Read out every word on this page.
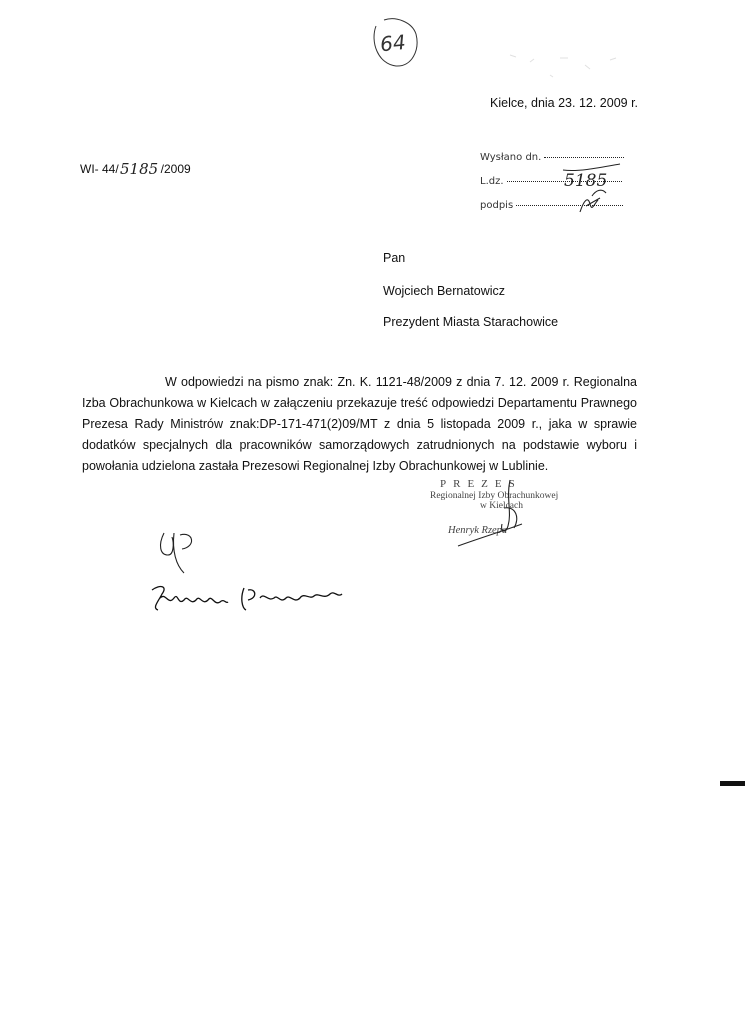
64
Kielce, dnia 23. 12. 2009 r.
WI- 44/ 5185 /2009
Wysłano dn.
L.dz.
podpis
5185
Pan
Wojciech Bernatowicz
Prezydent Miasta Starachowice
W odpowiedzi na pismo znak: Zn. K. 1121-48/2009 z dnia 7. 12. 2009 r. Regionalna Izba Obrachunkowa w Kielcach w załączeniu przekazuje treść odpowiedzi Departamentu Prawnego Prezesa Rady Ministrów znak:DP-171-471(2)09/MT z dnia 5 listopada 2009 r., jaka w sprawie dodatków specjalnych dla pracowników samorządowych zatrudnionych na podstawie wyboru i powołania udzielona zastała Prezesowi Regionalnej Izby Obrachunkowej w Lublinie.
PREZES
Regionalnej Izby Obrachunkowej
w Kielcach
Henryk Rzepa
